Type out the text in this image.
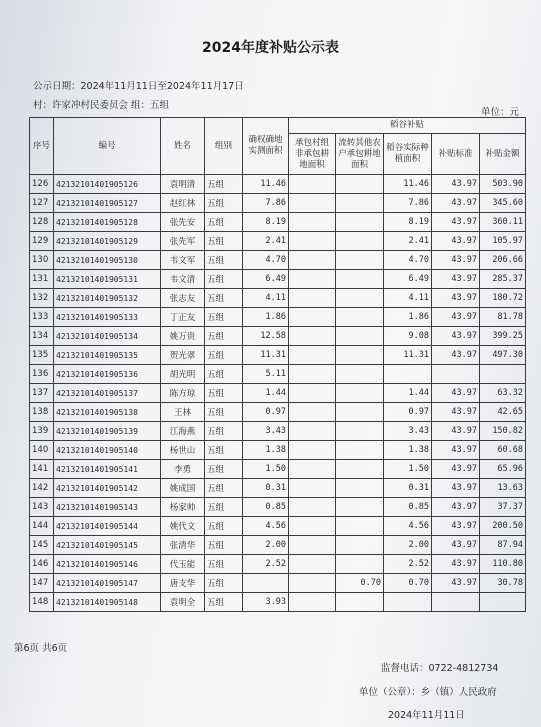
2024年度补贴公示表
公示日期：2024年11月11日至2024年11月17日
村：许家冲村民委员会 组：五组
单位：元
序号	编号	姓名	组别	确权确地实测面积	稻谷补贴				
					承包村组非承包耕地面积	流转其他农户承包耕地面积	稻谷实际种植面积	补贴标准	补贴金额
126	42132101401905126	袁明清	五组	11.46			11.46	43.97	503.90
127	42132101401905127	赵红林	五组	7.86			7.86	43.97	345.60
128	42132101401905128	张先安	五组	8.19			8.19	43.97	360.11
129	42132101401905129	张先军	五组	2.41			2.41	43.97	105.97
130	42132101401905130	韦文军	五组	4.70			4.70	43.97	206.66
131	42132101401905131	韦文清	五组	6.49			6.49	43.97	285.37
132	42132101401905132	张志友	五组	4.11			4.11	43.97	180.72
133	42132101401905133	丁正友	五组	1.86			1.86	43.97	81.78
134	42132101401905134	姚万贵	五组	12.58			9.08	43.97	399.25
135	42132101401905135	贺光翠	五组	11.31			11.31	43.97	497.30
136	42132101401905136	胡光明	五组	5.11					
137	42132101401905137	陈方琼	五组	1.44			1.44	43.97	63.32
138	42132101401905138	王林	五组	0.97			0.97	43.97	42.65
139	42132101401905139	江海燕	五组	3.43			3.43	43.97	150.82
140	42132101401905140	杨世山	五组	1.38			1.38	43.97	60.68
141	42132101401905141	李勇	五组	1.50			1.50	43.97	65.96
142	42132101401905142	姚成国	五组	0.31			0.31	43.97	13.63
143	42132101401905143	杨家帅	五组	0.85			0.85	43.97	37.37
144	42132101401905144	姚代文	五组	4.56			4.56	43.97	200.50
145	42132101401905145	张清华	五组	2.00			2.00	43.97	87.94
146	42132101401905146	代玉能	五组	2.52			2.52	43.97	110.80
147	42132101401905147	唐支华	五组			0.70	0.70	43.97	30.78
148	42132101401905148	袁明全	五组	3.93					
第6页 共6页
监督电话：0722-4812734
单位（公章）：乡（镇）人民政府
2024年11月11日
